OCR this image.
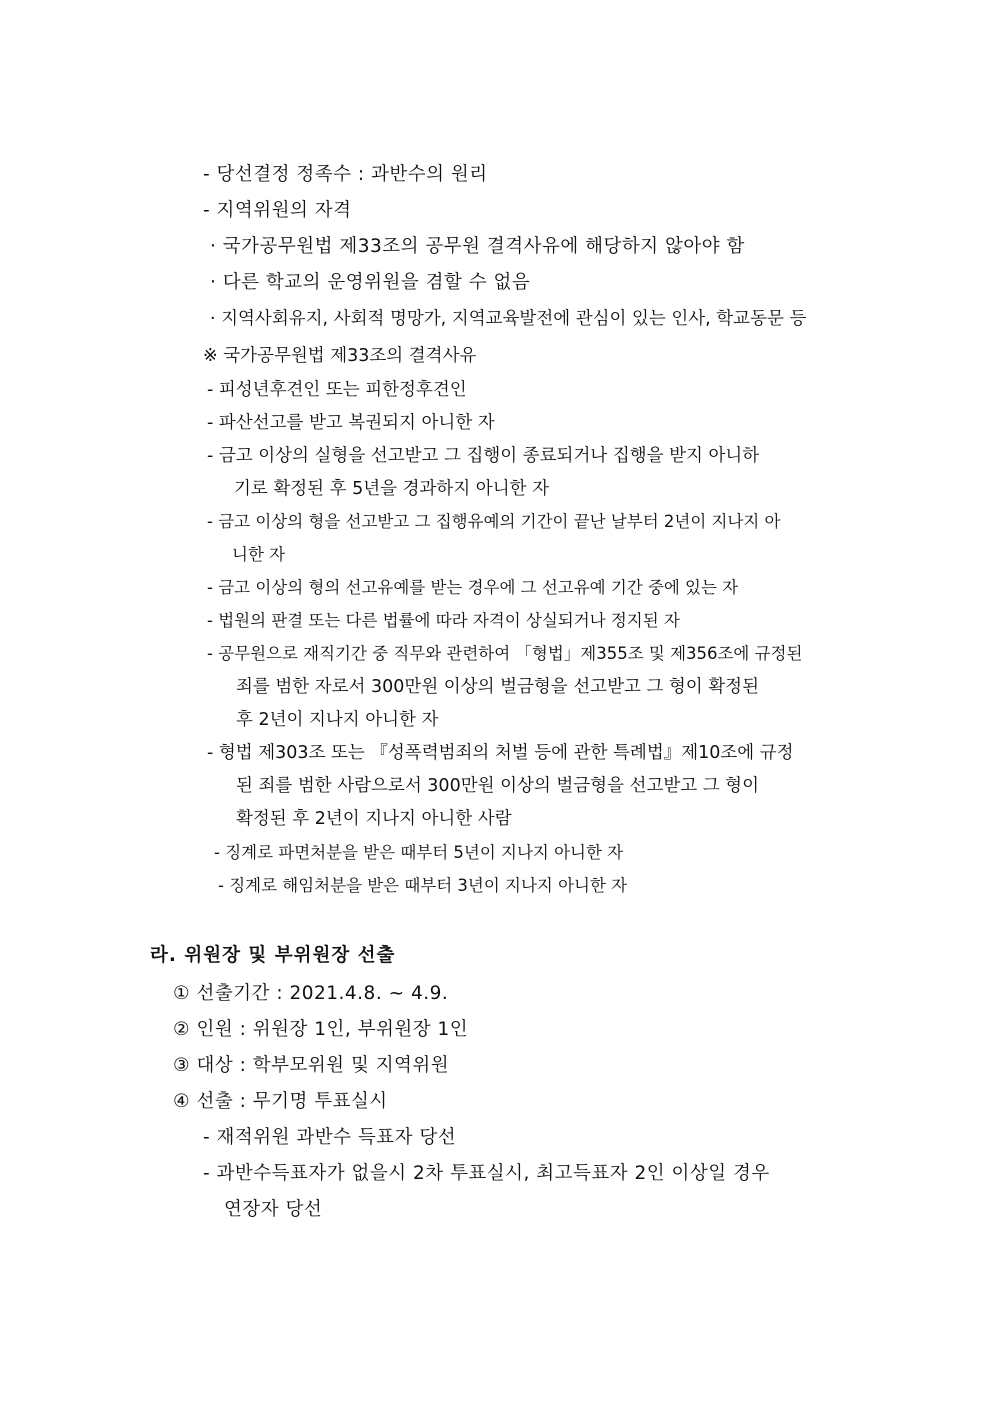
- 당선결정 정족수 : 과반수의 원리
- 지역위원의 자격
· 국가공무원법 제33조의 공무원 결격사유에 해당하지 않아야 함
· 다른 학교의 운영위원을 겸할 수 없음
· 지역사회유지, 사회적 명망가, 지역교육발전에 관심이 있는 인사, 학교동문 등
※ 국가공무원법 제33조의 결격사유
- 피성년후견인 또는 피한정후견인
- 파산선고를 받고 복권되지 아니한 자
- 금고 이상의 실형을 선고받고 그 집행이 종료되거나 집행을 받지 아니하
기로 확정된 후 5년을 경과하지 아니한 자
- 금고 이상의 형을 선고받고 그 집행유예의 기간이 끝난 날부터 2년이 지나지 아
니한 자
- 금고 이상의 형의 선고유예를 받는 경우에 그 선고유예 기간 중에 있는 자
- 법원의 판결 또는 다른 법률에 따라 자격이 상실되거나 정지된 자
- 공무원으로 재직기간 중 직무와 관련하여 「형법」제355조 및 제356조에 규정된
죄를 범한 자로서 300만원 이상의 벌금형을 선고받고 그 형이 확정된
후 2년이 지나지 아니한 자
- 형법 제303조 또는 『성폭력범죄의 처벌 등에 관한 특례법』제10조에 규정
된 죄를 범한 사람으로서 300만원 이상의 벌금형을 선고받고 그 형이
확정된 후 2년이 지나지 아니한 사람
- 징계로 파면처분을 받은 때부터 5년이 지나지 아니한 자
- 징계로 해임처분을 받은 때부터 3년이 지나지 아니한 자
라. 위원장 및 부위원장 선출
① 선출기간 : 2021.4.8. ~ 4.9.
② 인원 : 위원장 1인, 부위원장 1인
③ 대상 : 학부모위원 및 지역위원
④ 선출 : 무기명 투표실시
- 재적위원 과반수 득표자 당선
- 과반수득표자가 없을시 2차 투표실시, 최고득표자 2인 이상일 경우
연장자 당선
